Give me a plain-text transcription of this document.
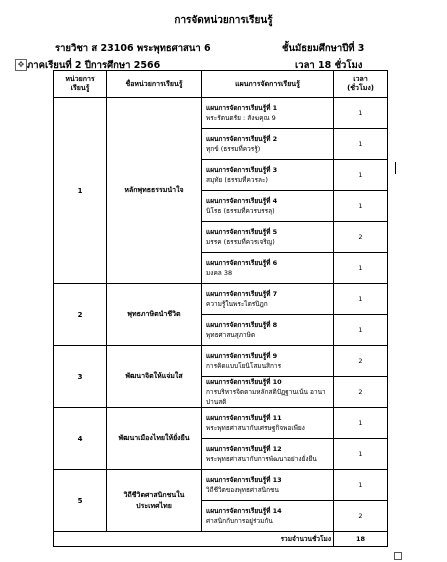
การจัดหน่วยการเรียนรู้
รายวิชา ส 23106 พระพุทธศาสนา 6	ชั้นมัธยมศึกษาปีที่ 3
✥ ภาคเรียนที่ 2 ปีการศึกษา 2566	เวลา 18 ชั่วโมง
หน่วยการ
เรียนรู้	ชื่อหน่วยการเรียนรู้	แผนการจัดการเรียนรู้	เวลา
(ชั่วโมง)
1	หลักพุทธธรรมนำใจ	แผนการจัดการเรียนรู้ที่ 1
พระรัตนตรัย : สังฆคุณ 9	1

		แผนการจัดการเรียนรู้ที่ 2
ทุกข์ (ธรรมที่ควรรู้)	1

		แผนการจัดการเรียนรู้ที่ 3
สมุทัย (ธรรมที่ควรละ)	1

		แผนการจัดการเรียนรู้ที่ 4
นิโรธ (ธรรมที่ควรบรรลุ)	1

		แผนการจัดการเรียนรู้ที่ 5
มรรค (ธรรมที่ควรเจริญ)	2

		แผนการจัดการเรียนรู้ที่ 6
มงคล 38	1
2	พุทธภาษิตนำชีวิต	แผนการจัดการเรียนรู้ที่ 7
ความรู้ในพระไตรปิฎก	1

		แผนการจัดการเรียนรู้ที่ 8
พุทธศาสนสุภาษิต	1
3	พัฒนาจิตให้แจ่มใส	แผนการจัดการเรียนรู้ที่ 9
การคิดแบบโยนิโสมนสิการ	2

		แผนการจัดการเรียนรู้ที่ 10
การบริหารจิตตามหลักสติปัฏฐานเน้น อานาปานสติ	2
4	พัฒนาเมืองไทยให้ยั่งยืน	แผนการจัดการเรียนรู้ที่ 11
พระพุทธศาสนากับเศรษฐกิจพอเพียง	1

		แผนการจัดการเรียนรู้ที่ 12
พระพุทธศาสนากับการพัฒนาอย่างยั่งยืน	1
5	วิถีชีวิตศาสนิกชนในประเทศไทย	แผนการจัดการเรียนรู้ที่ 13
วิถีชีวิตของพุทธศาสนิกชน	1

		แผนการจัดการเรียนรู้ที่ 14
ศาสนิกกับการอยู่ร่วมกัน	2
รวมจำนวนชั่วโมง			18
